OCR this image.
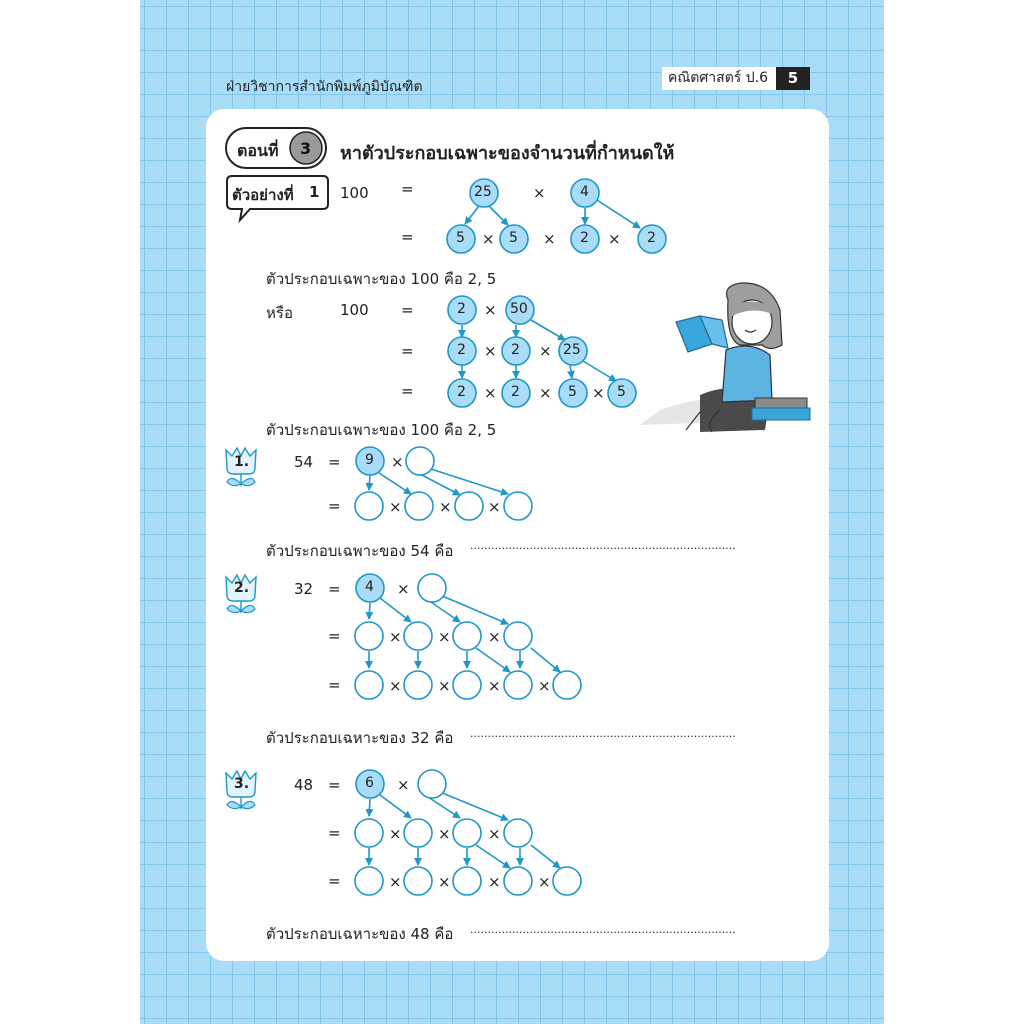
ฝ่ายวิชาการสำนักพิมพ์ภูมิบัณฑิต
คณิตศาสตร์ ป.6	5
ตอนที่ 3 หาตัวประกอบเฉพาะของจำนวนที่กำหนดให้
ตัวอย่างที่ 1 100 =	25	× 4
=	5 × 5 × 2 × 2
ตัวประกอบเฉพาะของ 100 คือ 2, 5
หรือ	100 =	2 × 50
=	2 × 2 × 25
=	2 × 2 × 5 × 5
ตัวประกอบเฉพาะของ 100 คือ 2, 5
1.	54 = 9 ×
=	× × ×
ตัวประกอบเฉพาะของ 54 คือ ............................................................................
2.	32 = 4 ×
=	× × ×
=	× × × ×
ตัวประกอบเฉหาะของ 32 คือ ............................................................................
3.	48 = 6 ×
=	× × ×
=	× × × ×
ตัวประกอบเฉหาะของ 48 คือ ............................................................................
